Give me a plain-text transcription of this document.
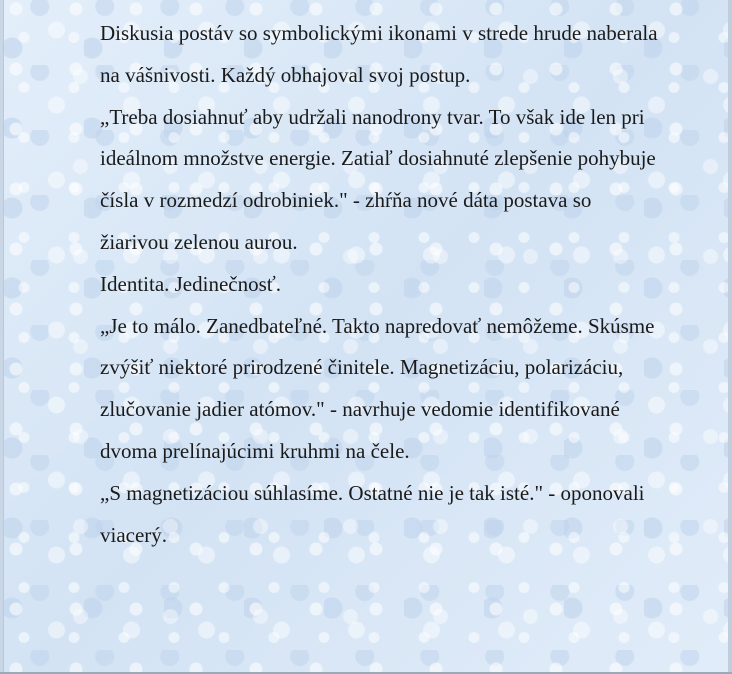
Diskusia postáv so symbolickými ikonami v strede hrude naberala na vášnivosti. Každý obhajoval svoj postup.

„Treba dosiahnuť aby udržali nanodrony tvar. To však ide len pri ideálnom množstve energie. Zatiaľ dosiahnuté zlepšenie pohybuje čísla v rozmedzí odrobiniek." - zhŕňa nové dáta postava so žiarivou zelenou aurou.

Identita. Jedinečnosť.

„Je to málo. Zanedbateľné. Takto napredovať nemôžeme. Skúsme zvýšiť niektoré prirodzené činitele. Magnetizáciu, polarizáciu, zlučovanie jadier atómov." - navrhuje vedomie identifikované dvoma prelínajúcimi kruhmi na čele.

„S magnetizáciou súhlasíme. Ostatné nie je tak isté." - oponovali viacerý.
